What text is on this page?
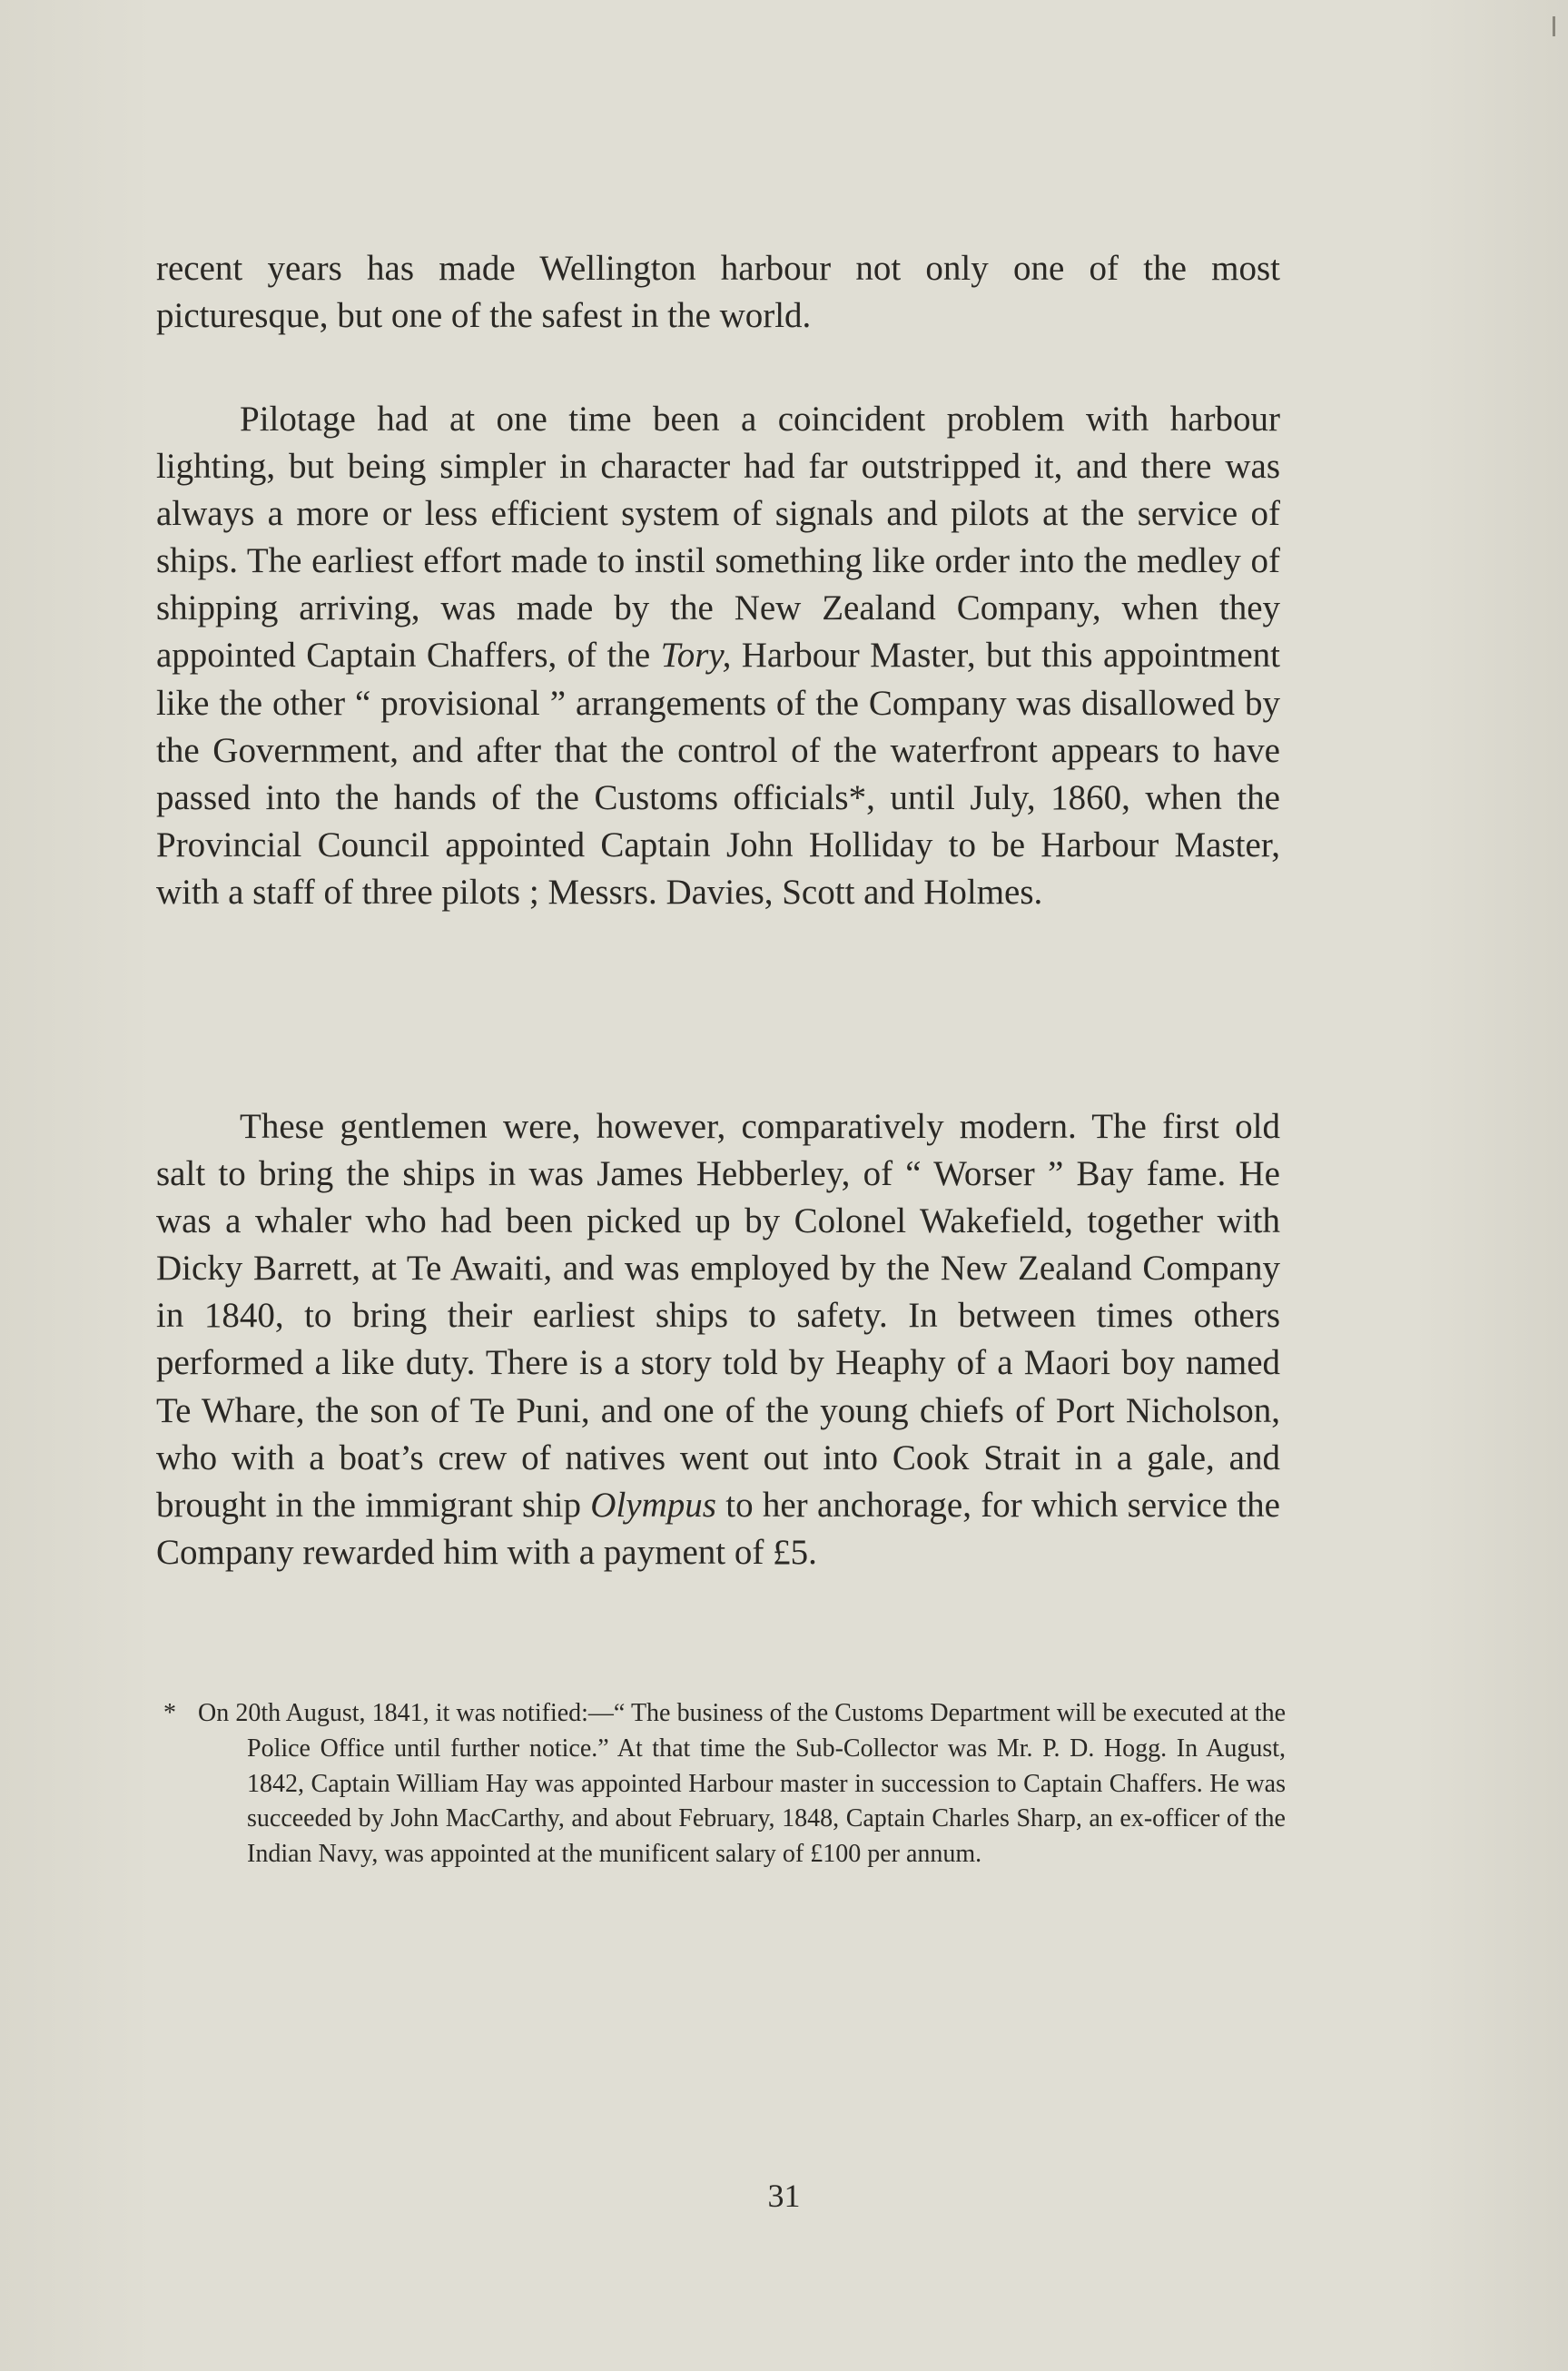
recent years has made Wellington harbour not only one of the most picturesque, but one of the safest in the world.

Pilotage had at one time been a coincident problem with harbour lighting, but being simpler in character had far outstripped it, and there was always a more or less efficient system of signals and pilots at the service of ships. The earliest effort made to instil something like order into the medley of shipping arriving, was made by the New Zealand Company, when they appointed Captain Chaffers, of the Tory, Harbour Master, but this appointment like the other “ provisional ” arrangements of the Company was disallowed by the Government, and after that the control of the waterfront appears to have passed into the hands of the Customs officials*, until July, 1860, when the Provincial Council appointed Captain John Holliday to be Harbour Master, with a staff of three pilots ; Messrs. Davies, Scott and Holmes.

These gentlemen were, however, comparatively modern. The first old salt to bring the ships in was James Hebberley, of “ Worser ” Bay fame. He was a whaler who had been picked up by Colonel Wakefield, together with Dicky Barrett, at Te Awaiti, and was employed by the New Zealand Company in 1840, to bring their earliest ships to safety. In between times others performed a like duty. There is a story told by Heaphy of a Maori boy named Te Whare, the son of Te Puni, and one of the young chiefs of Port Nicholson, who with a boat’s crew of natives went out into Cook Strait in a gale, and brought in the immigrant ship Olympus to her anchorage, for which service the Company rewarded him with a payment of £5.

* On 20th August, 1841, it was notified:—“ The business of the Customs Department will be executed at the Police Office until further notice.” At that time the Sub-Collector was Mr. P. D. Hogg. In August, 1842, Captain William Hay was appointed Harbour master in succession to Captain Chaffers. He was succeeded by John MacCarthy, and about February, 1848, Captain Charles Sharp, an ex-officer of the Indian Navy, was appointed at the munificent salary of £100 per annum.

31
